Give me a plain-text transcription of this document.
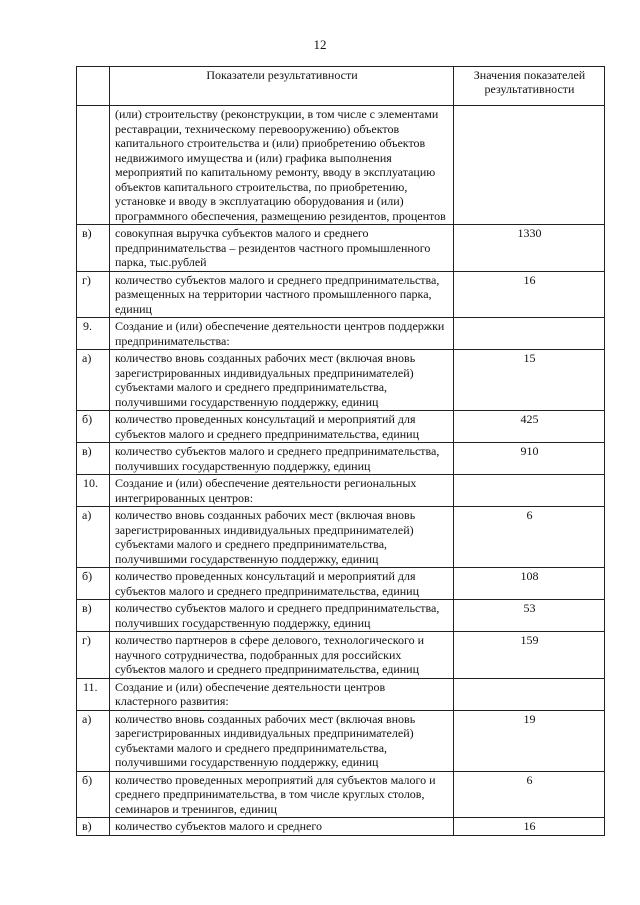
12
	Показатели результативности	Значения показателей результативности
	(или) строительству (реконструкции, в том числе с элементами реставрации, техническому перевооружению) объектов капитального строительства и (или) приобретению объектов недвижимого имущества и (или) графика выполнения мероприятий по капитальному ремонту, вводу в эксплуатацию объектов капитального строительства, по приобретению, установке и вводу в эксплуатацию оборудования и (или) программного обеспечения, размещению резидентов, процентов	
в)	совокупная выручка субъектов малого и среднего предпринимательства – резидентов частного промышленного парка, тыс.рублей	1330
г)	количество субъектов малого и среднего предпринимательства, размещенных на территории частного промышленного парка, единиц	16
9.	Создание и (или) обеспечение деятельности центров поддержки предпринимательства:	
а)	количество вновь созданных рабочих мест (включая вновь зарегистрированных индивидуальных предпринимателей) субъектами малого и среднего предпринимательства, получившими государственную поддержку, единиц	15
б)	количество проведенных консультаций и мероприятий для субъектов малого и среднего предпринимательства, единиц	425
в)	количество субъектов малого и среднего предпринимательства, получивших государственную поддержку, единиц	910
10.	Создание и (или) обеспечение деятельности региональных интегрированных центров:	
а)	количество вновь созданных рабочих мест (включая вновь зарегистрированных индивидуальных предпринимателей) субъектами малого и среднего предпринимательства, получившими государственную поддержку, единиц	6
б)	количество проведенных консультаций и мероприятий для субъектов малого и среднего предпринимательства, единиц	108
в)	количество субъектов малого и среднего предпринимательства, получивших государственную поддержку, единиц	53
г)	количество партнеров в сфере делового, технологического и научного сотрудничества, подобранных для российских субъектов малого и среднего предпринимательства, единиц	159
11.	Создание и (или) обеспечение деятельности центров кластерного развития:	
а)	количество вновь созданных рабочих мест (включая вновь зарегистрированных индивидуальных предпринимателей) субъектами малого и среднего предпринимательства, получившими государственную поддержку, единиц	19
б)	количество проведенных мероприятий для субъектов малого и среднего предпринимательства, в том числе круглых столов, семинаров и тренингов, единиц	6
в)	количество субъектов малого и среднего	16
